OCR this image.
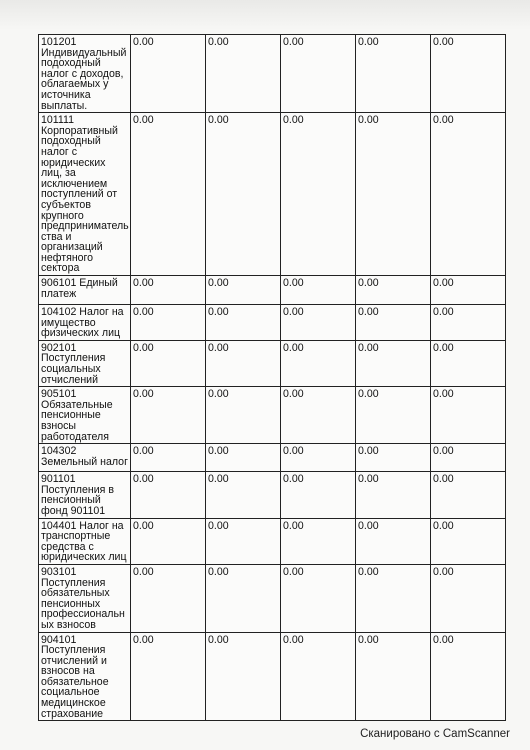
101201 Индивидуальный подоходный налог с доходов, облагаемых у источника выплаты.	0.00	0.00	0.00	0.00	0.00
101111 Корпоративный подоходный налог с юридических лиц, за исключением поступлений от субъектов крупного предпринимательства и организаций нефтяного сектора	0.00	0.00	0.00	0.00	0.00
906101 Единый платеж	0.00	0.00	0.00	0.00	0.00
104102 Налог на имущество физических лиц	0.00	0.00	0.00	0.00	0.00
902101 Поступления социальных отчислений	0.00	0.00	0.00	0.00	0.00
905101 Обязательные пенсионные взносы работодателя	0.00	0.00	0.00	0.00	0.00
104302 Земельный налог	0.00	0.00	0.00	0.00	0.00
901101 Поступления в пенсионный фонд 901101	0.00	0.00	0.00	0.00	0.00
104401 Налог на транспортные средства с юридических лиц	0.00	0.00	0.00	0.00	0.00
903101 Поступления обязательных пенсионных профессиональных взносов	0.00	0.00	0.00	0.00	0.00
904101 Поступления отчислений и взносов на обязательное социальное медицинское страхование	0.00	0.00	0.00	0.00	0.00
Сканировано с CamScanner
